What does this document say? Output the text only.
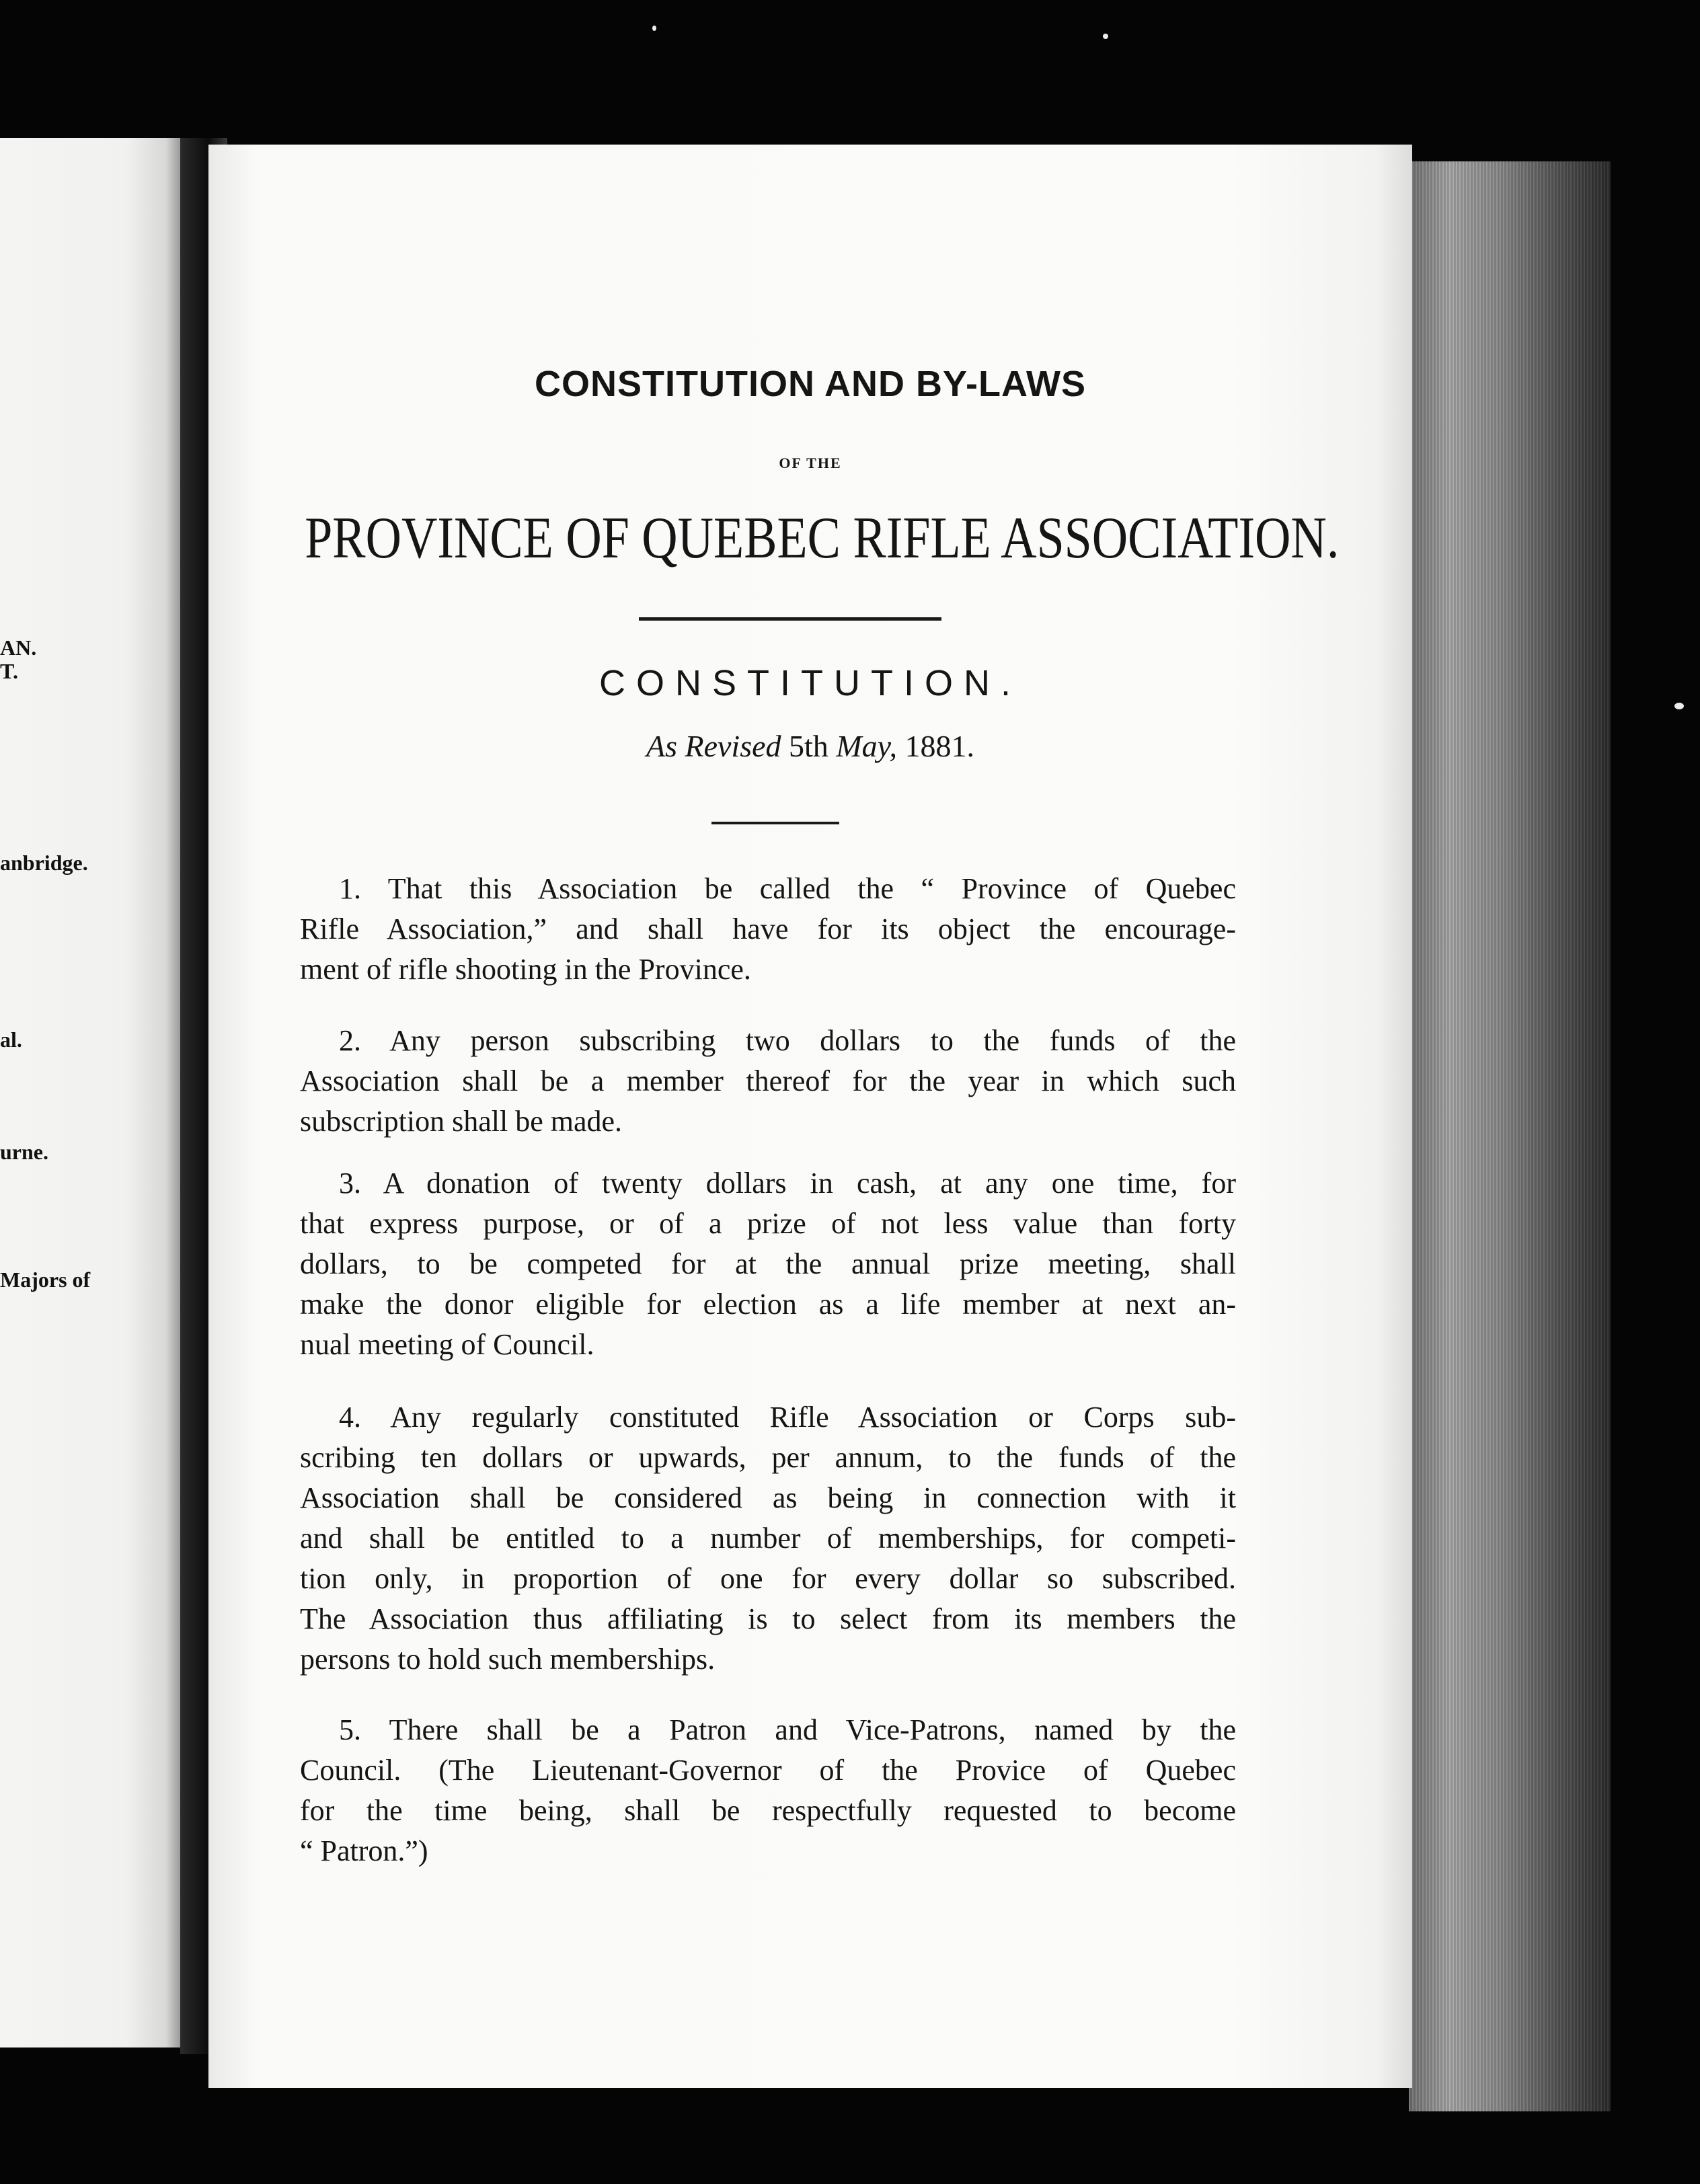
AN.
T.
anbridge.
al.
urne.
Majors of
CONSTITUTION AND BY-LAWS
OF THE
PROVINCE OF QUEBEC RIFLE ASSOCIATION.
CONSTITUTION.
As Revised 5th May, 1881.
1. That this Association be called the “ Province of Quebec
Rifle Association,” and shall have for its object the encourage-
ment of rifle shooting in the Province.
2. Any person subscribing two dollars to the funds of the
Association shall be a member thereof for the year in which such
subscription shall be made.
3. A donation of twenty dollars in cash, at any one time, for
that express purpose, or of a prize of not less value than forty
dollars, to be competed for at the annual prize meeting, shall
make the donor eligible for election as a life member at next an-
nual meeting of Council.
4. Any regularly constituted Rifle Association or Corps sub-
scribing ten dollars or upwards, per annum, to the funds of the
Association shall be considered as being in connection with it
and shall be entitled to a number of memberships, for competi-
tion only, in proportion of one for every dollar so subscribed.
The Association thus affiliating is to select from its members the
persons to hold such memberships.
5. There shall be a Patron and Vice-Patrons, named by the
Council. (The Lieutenant-Governor of the Provice of Quebec
for the time being, shall be respectfully requested to become
“ Patron.”)
